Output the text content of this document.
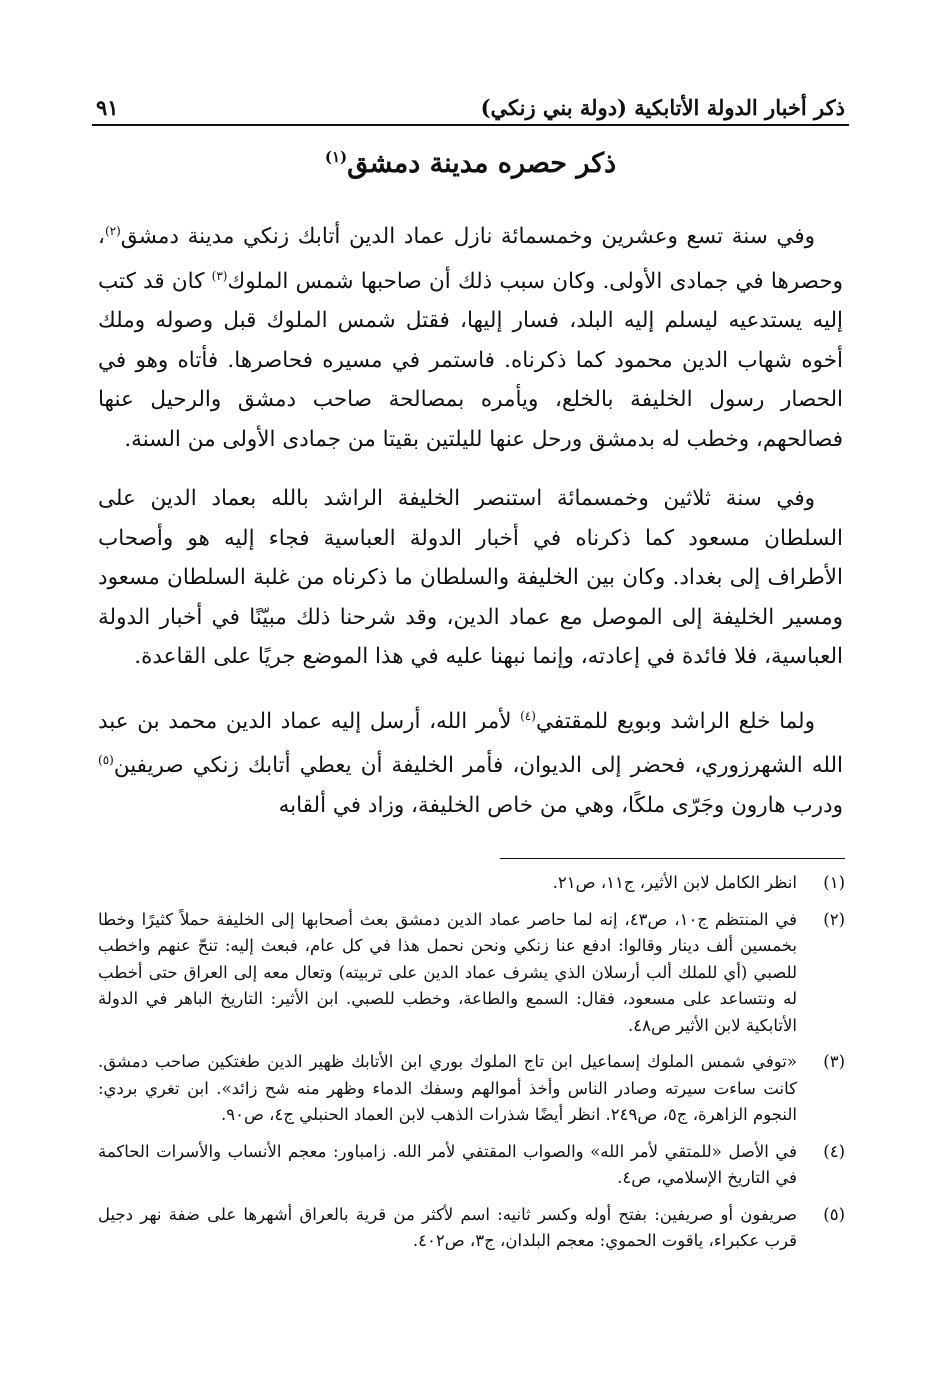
ذكر أخبار الدولة الأتابكية (دولة بني زنكي)
٩١
ذكر حصره مدينة دمشق$^{(١)}$

وفي سنة تسع وعشرين وخمسمائة نازل عماد الدين أتابك زنكي مدينة دمشق$^{(٢)}$، وحصرها في جمادى الأولى. وكان سبب ذلك أن صاحبها شمس الملوك$^{(٣)}$ كان قد كتب إليه يستدعيه ليسلم إليه البلد، فسار إليها، فقتل شمس الملوك قبل وصوله وملك أخوه شهاب الدين محمود كما ذكرناه. فاستمر في مسيره فحاصرها. فأتاه وهو في الحصار رسول الخليفة بالخلع، ويأمره بمصالحة صاحب دمشق والرحيل عنها فصالحهم، وخطب له بدمشق ورحل عنها لليلتين بقيتا من جمادى الأولى من السنة.

وفي سنة ثلاثين وخمسمائة استنصر الخليفة الراشد بالله بعماد الدين على السلطان مسعود كما ذكرناه في أخبار الدولة العباسية فجاء إليه هو وأصحاب الأطراف إلى بغداد. وكان بين الخليفة والسلطان ما ذكرناه من غلبة السلطان مسعود ومسير الخليفة إلى الموصل مع عماد الدين، وقد شرحنا ذلك مبيّنًا في أخبار الدولة العباسية، فلا فائدة في إعادته، وإنما نبهنا عليه في هذا الموضع جريًا على القاعدة.

ولما خلع الراشد وبويع للمقتفي$^{(٤)}$ لأمر الله، أرسل إليه عماد الدين محمد بن عبد الله الشهرزوري، فحضر إلى الديوان، فأمر الخليفة أن يعطي أتابك زنكي صريفين$^{(٥)}$ ودرب هارون وجَرّى ملكًا، وهي من خاص الخليفة، وزاد في ألقابه

(١)
انظر الكامل لابن الأثير، ج١١، ص٢١.
(٢)
في المنتظم ج١٠، ص٤٣، إنه لما حاصر عماد الدين دمشق بعث أصحابها إلى الخليفة حملاً كثيرًا وخطا بخمسين ألف دينار وقالوا: ادفع عنا زنكي ونحن نحمل هذا في كل عام، فبعث إليه: تنحّ عنهم واخطب للصبي (أي للملك ألب أرسلان الذي يشرف عماد الدين على تربيته) وتعال معه إلى العراق حتى أخطب له ونتساعد على مسعود، فقال: السمع والطاعة، وخطب للصبي. ابن الأثير: التاريخ الباهر في الدولة الأتابكية لابن الأثير ص٤٨.
(٣)
«توفي شمس الملوك إسماعيل ابن تاج الملوك بوري ابن الأتابك ظهير الدين طغتكين صاحب دمشق. كانت ساءت سيرته وصادر الناس وأخذ أموالهم وسفك الدماء وظهر منه شح زائد». ابن تغري بردي: النجوم الزاهرة، ج٥، ص٢٤٩. انظر أيضًا شذرات الذهب لابن العماد الحنبلي ج٤، ص٩٠.
(٤)
في الأصل «للمتقي لأمر الله» والصواب المقتفي لأمر الله. زامباور: معجم الأنساب والأسرات الحاكمة في التاريخ الإسلامي، ص٤.
(٥)
صريفون أو صريفين: بفتح أوله وكسر ثانيه: اسم لأكثر من قرية بالعراق أشهرها على ضفة نهر دجيل قرب عكبراء، ياقوت الحموي: معجم البلدان، ج٣، ص٤٠٢.
